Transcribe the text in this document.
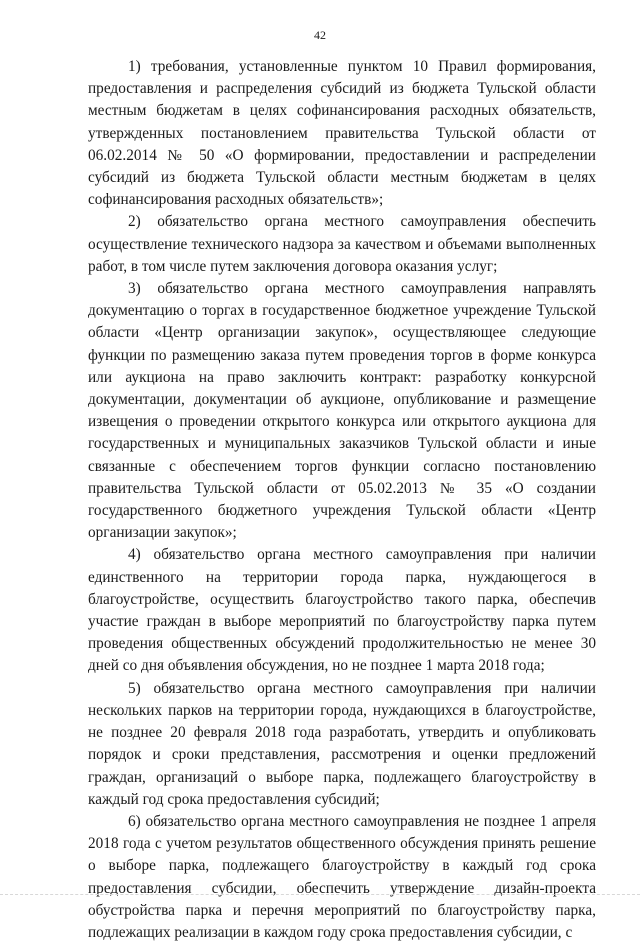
42

1) требования, установленные пунктом 10 Правил формирования, предоставления и распределения субсидий из бюджета Тульской области местным бюджетам в целях софинансирования расходных обязательств, утвержденных постановлением правительства Тульской области от 06.02.2014 № 50 «О формировании, предоставлении и распределении субсидий из бюджета Тульской области местным бюджетам в целях софинансирования расходных обязательств»;

2) обязательство органа местного самоуправления обеспечить осуществление технического надзора за качеством и объемами выполненных работ, в том числе путем заключения договора оказания услуг;

3) обязательство органа местного самоуправления направлять документацию о торгах в государственное бюджетное учреждение Тульской области «Центр организации закупок», осуществляющее следующие функции по размещению заказа путем проведения торгов в форме конкурса или аукциона на право заключить контракт: разработку конкурсной документации, документации об аукционе, опубликование и размещение извещения о проведении открытого конкурса или открытого аукциона для государственных и муниципальных заказчиков Тульской области и иные связанные с обеспечением торгов функции согласно постановлению правительства Тульской области от 05.02.2013 № 35 «О создании государственного бюджетного учреждения Тульской области «Центр организации закупок»;

4) обязательство органа местного самоуправления при наличии единственного на территории города парка, нуждающегося в благоустройстве, осуществить благоустройство такого парка, обеспечив участие граждан в выборе мероприятий по благоустройству парка путем проведения общественных обсуждений продолжительностью не менее 30 дней со дня объявления обсуждения, но не позднее 1 марта 2018 года;

5) обязательство органа местного самоуправления при наличии нескольких парков на территории города, нуждающихся в благоустройстве, не позднее 20 февраля 2018 года разработать, утвердить и опубликовать порядок и сроки представления, рассмотрения и оценки предложений граждан, организаций о выборе парка, подлежащего благоустройству в каждый год срока предоставления субсидий;

6) обязательство органа местного самоуправления не позднее 1 апреля 2018 года с учетом результатов общественного обсуждения принять решение о выборе парка, подлежащего благоустройству в каждый год срока предоставления субсидии, обеспечить утверждение дизайн-проекта обустройства парка и перечня мероприятий по благоустройству парка, подлежащих реализации в каждом году срока предоставления субсидии, с
